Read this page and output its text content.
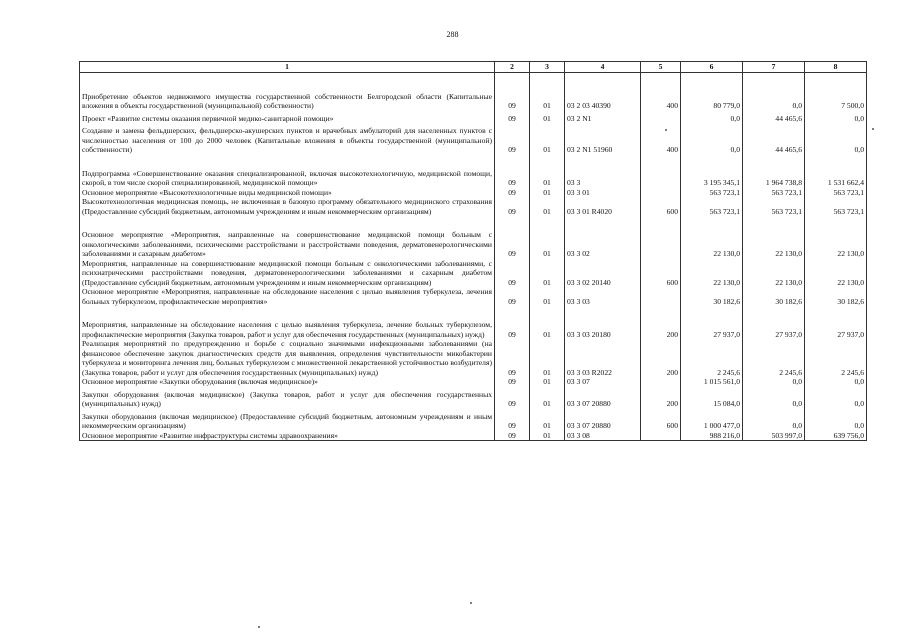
288
1	2	3	4	5	6	7	8
Приобретение объектов недвижимого имущества государственной собственности Белгородской области (Капитальные вложения в объекты государственной (муниципальной) собственности)	09	01	03 2 03 40390	400	80 779,0	0,0	7 500,0
Проект «Развитие системы оказания первичной медико-санитарной помощи»	09	01	03 2 N1		0,0	44 465,6	0,0
Создание и замена фельдшерских, фельдшерско-акушерских пунктов и врачебных амбулаторий для населенных пунктов с численностью населения от 100 до 2000 человек (Капитальные вложения в объекты государственной (муниципальной) собственности)	09	01	03 2 N1 51960	400	0,0	44 465,6	0,0
Подпрограмма «Совершенствование оказания специализированной, включая высокотехнологичную, медицинской помощи, скорой, в том числе скорой специализированной, медицинской помощи»	09	01	03 3		3 195 345,1	1 964 738,8	1 531 662,4
Основное мероприятие «Высокотехнологичные виды медицинской помощи»	09	01	03 3 01		563 723,1	563 723,1	563 723,1
Высокотехнологичная медицинская помощь, не включенная в базовую программу обязательного медицинского страхования (Предоставление субсидий бюджетным, автономным учреждениям и иным некоммерческим организациям)	09	01	03 3 01 R4020	600	563 723,1	563 723,1	563 723,1
Основное мероприятие «Мероприятия, направленные на совершенствование медицинской помощи больным с онкологическими заболеваниями, психическими расстройствами и расстройствами поведения, дерматовенерологическими заболеваниями и сахарным диабетом»	09	01	03 3 02		22 130,0	22 130,0	22 130,0
Мероприятия, направленные на совершенствование медицинской помощи больным с онкологическими заболеваниями, с психиатрическими расстройствами поведения, дерматовенерологическими заболеваниями и сахарным диабетом (Предоставление субсидий бюджетным, автономным учреждениям и иным некоммерческим организациям)	09	01	03 3 02 20140	600	22 130,0	22 130,0	22 130,0
Основное мероприятие «Мероприятия, направленные на обследование населения с целью выявления туберкулеза, лечения больных туберкулезом, профилактические мероприятия»	09	01	03 3 03		30 182,6	30 182,6	30 182,6
Мероприятия, направленные на обследование населения с целью выявления туберкулеза, лечение больных туберкулезом, профилактические мероприятия (Закупка товаров, работ и услуг для обеспечения государственных (муниципальных) нужд)	09	01	03 3 03 20180	200	27 937,0	27 937,0	27 937,0
Реализация мероприятий по предупреждению и борьбе с социально значимыми инфекционными заболеваниями (на финансовое обеспечение закупок диагностических средств для выявления, определения чувствительности микобактерии туберкулеза и мониторинга лечения лиц, больных туберкулезом с множественной лекарственной устойчивостью возбудителя) (Закупка товаров, работ и услуг для обеспечения государственных (муниципальных) нужд)	09	01	03 3 03 R2022	200	2 245,6	2 245,6	2 245,6
Основное мероприятие «Закупки оборудования (включая медицинское)»	09	01	03 3 07		1 015 561,0	0,0	0,0
Закупки оборудования (включая медицинское) (Закупка товаров, работ и услуг для обеспечения государственных (муниципальных) нужд)	09	01	03 3 07 20880	200	15 084,0	0,0	0,0
Закупки оборудования (включая медицинское) (Предоставление субсидий бюджетным, автономным учреждениям и иным некоммерческим организациям)	09	01	03 3 07 20880	600	1 000 477,0	0,0	0,0
Основное мероприятие «Развитие инфраструктуры системы здравоохранения»	09	01	03 3 08		988 216,0	503 997,0	639 756,0
